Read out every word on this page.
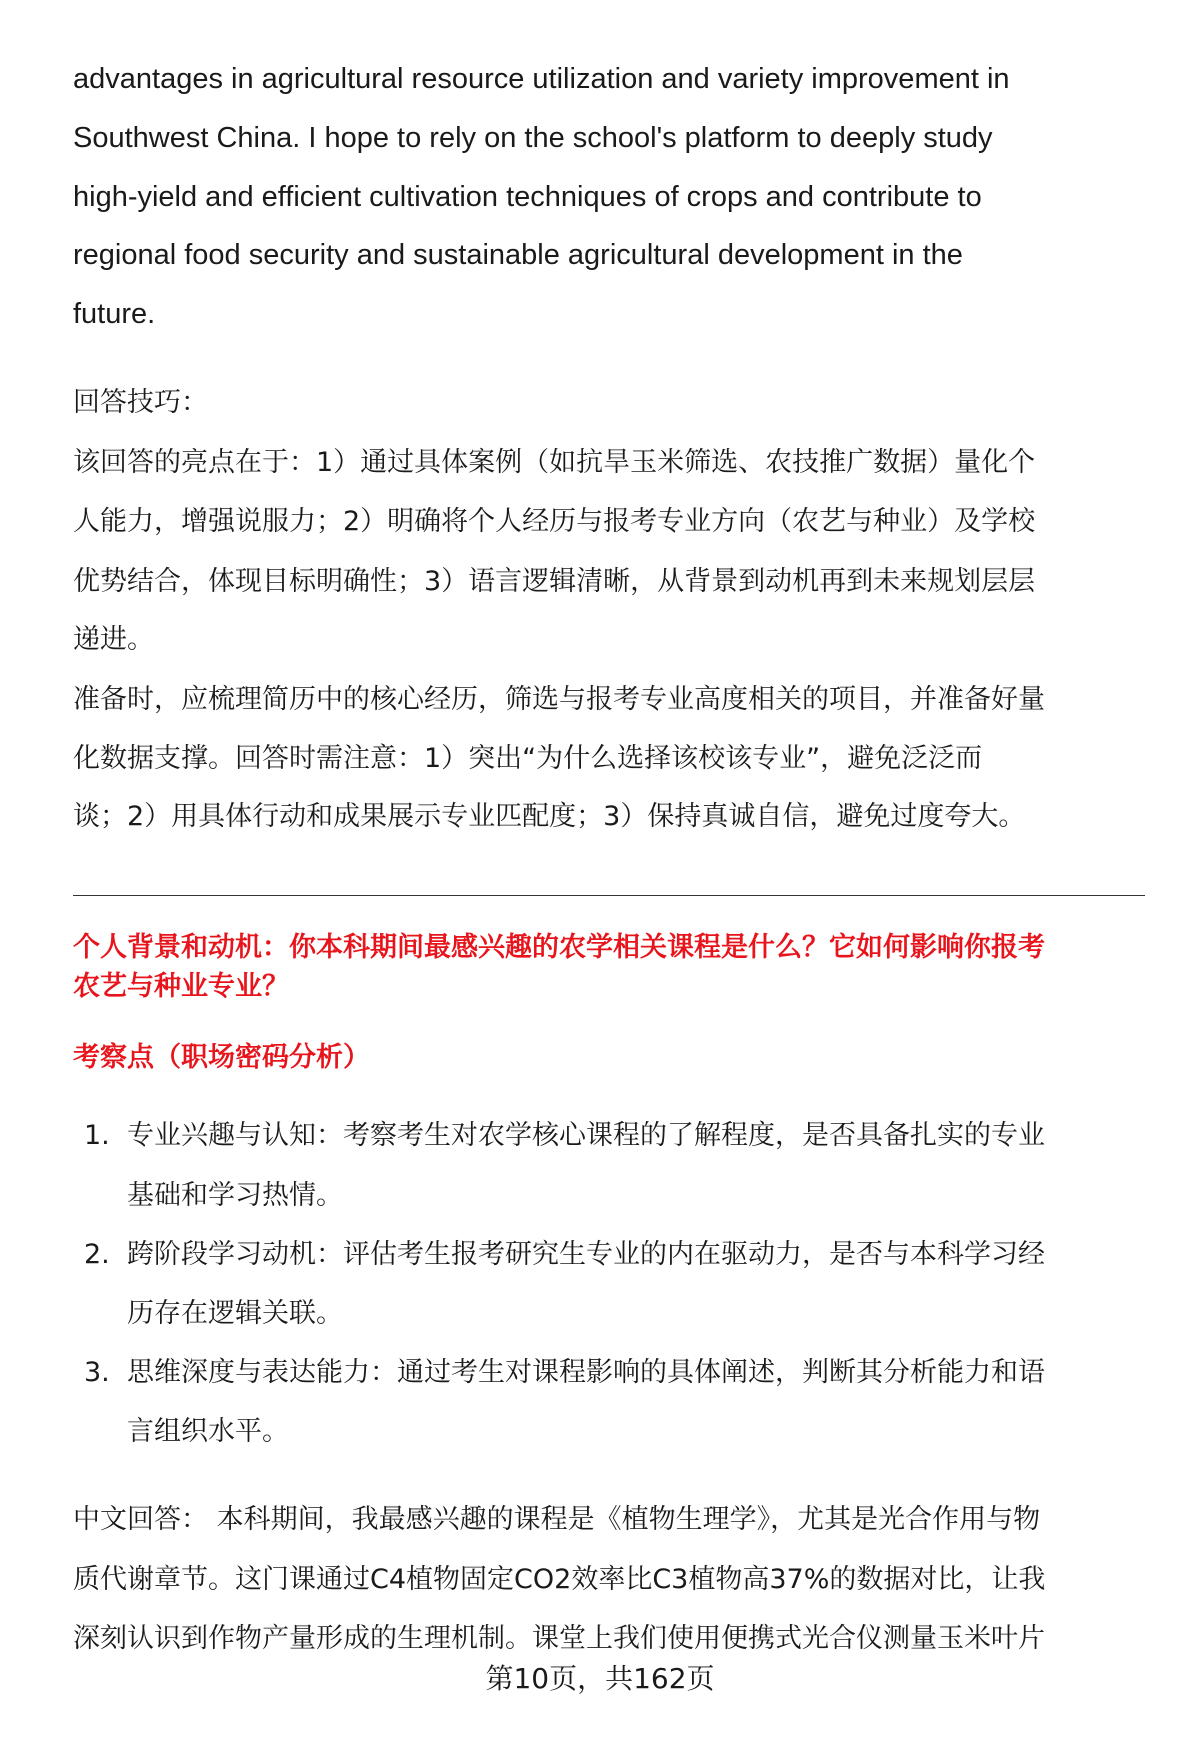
advantages in agricultural resource utilization and variety improvement in
Southwest China. I hope to rely on the school's platform to deeply study
high-yield and efficient cultivation techniques of crops and contribute to
regional food security and sustainable agricultural development in the
future.
回答技巧：
该回答的亮点在于：1）通过具体案例（如抗旱玉米筛选、农技推广数据）量化个
人能力，增强说服力；2）明确将个人经历与报考专业方向（农艺与种业）及学校
优势结合，体现目标明确性；3）语言逻辑清晰，从背景到动机再到未来规划层层
递进。
准备时，应梳理简历中的核心经历，筛选与报考专业高度相关的项目，并准备好量
化数据支撑。回答时需注意：1）突出“为什么选择该校该专业”，避免泛泛而
谈；2）用具体行动和成果展示专业匹配度；3）保持真诚自信，避免过度夸大。
个人背景和动机：你本科期间最感兴趣的农学相关课程是什么？它如何影响你报考
农艺与种业专业？
考察点（职场密码分析）
1. 专业兴趣与认知：考察考生对农学核心课程的了解程度，是否具备扎实的专业
基础和学习热情。
2. 跨阶段学习动机：评估考生报考研究生专业的内在驱动力，是否与本科学习经
历存在逻辑关联。
3. 思维深度与表达能力：通过考生对课程影响的具体阐述，判断其分析能力和语
言组织水平。
中文回答： 本科期间，我最感兴趣的课程是《植物生理学》，尤其是光合作用与物
质代谢章节。这门课通过C4植物固定CO2效率比C3植物高37%的数据对比，让我
深刻认识到作物产量形成的生理机制。课堂上我们使用便携式光合仪测量玉米叶片
第10页，共162页
